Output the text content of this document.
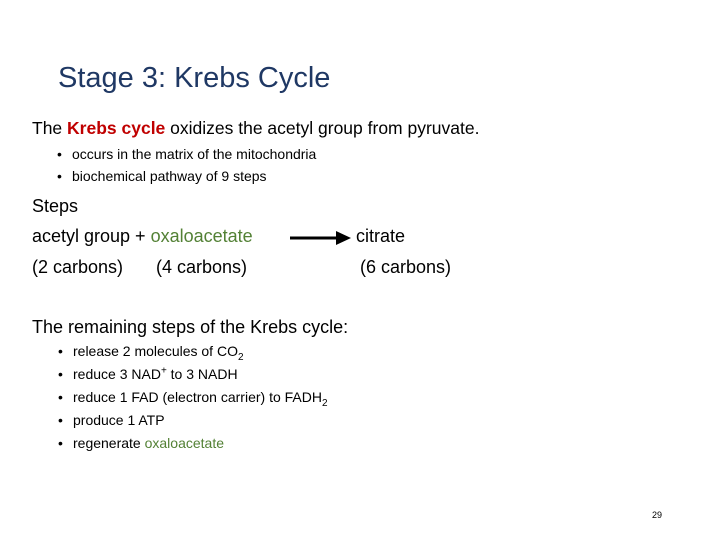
Stage 3: Krebs Cycle
The Krebs cycle oxidizes the acetyl group from pyruvate.
• occurs in the matrix of the mitochondria
• biochemical pathway of 9 steps
Steps
acetyl group + oxaloacetate → citrate
(2 carbons) (4 carbons)	(6 carbons)
The remaining steps of the Krebs cycle:
• release 2 molecules of $CO_2$
• reduce 3 NAD+ to 3 NADH
• reduce 1 FAD (electron carrier) to $FADH_2$
• produce 1 ATP
• regenerate oxaloacetate
29
